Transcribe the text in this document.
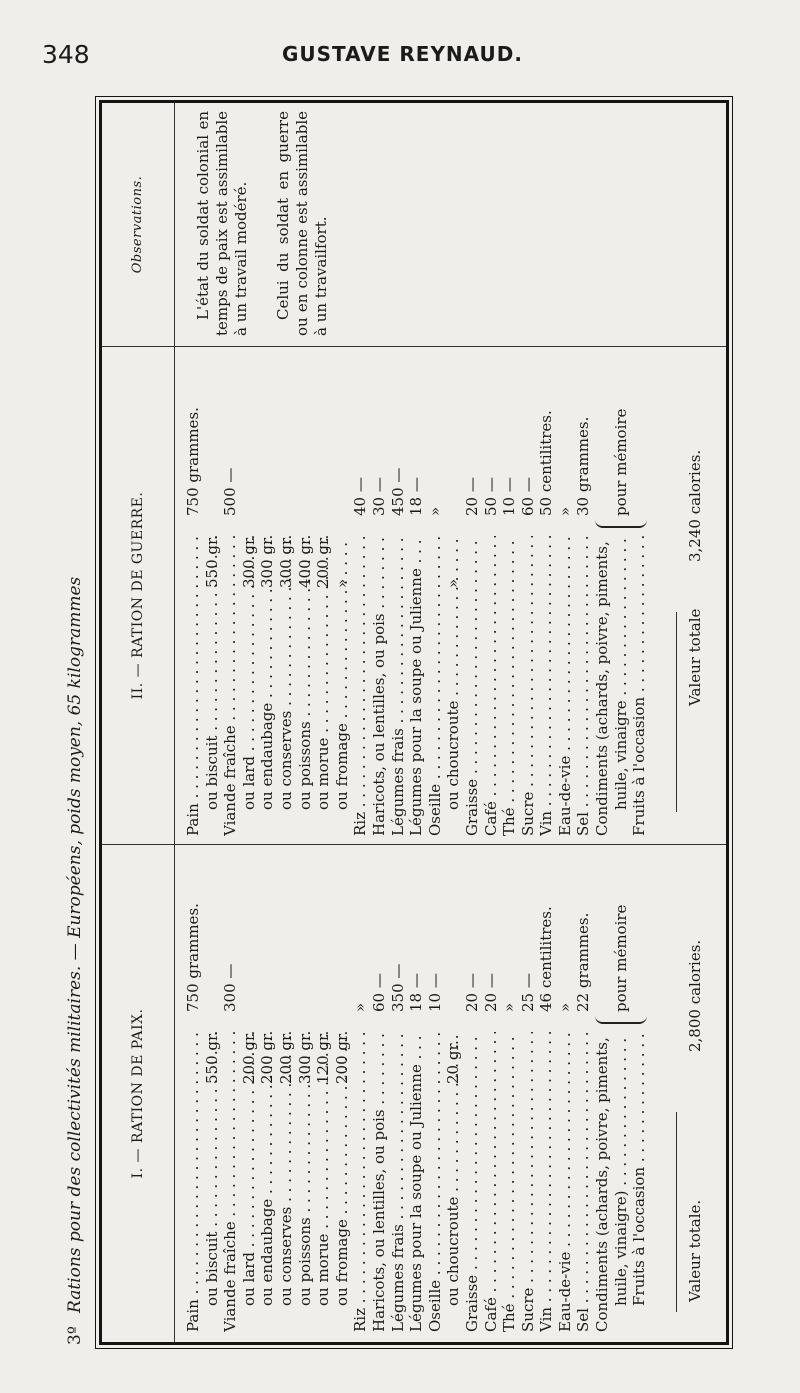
348	GUSTAVE REYNAUD.
3º
Rations pour des collectivités militaires. — Européens, poids moyen, 65 kilogrammes	I. — RATION DE PAIX.
II. — RATION DE GUERRE.
Observations.
Pain . . .
750 grammes.
ou biscuit . . .
550 gr.
Viande fraîche . . .
300 —
ou lard . . .
200 gr.
ou endaubage . . .
200 gr.
ou conserves . . .
200 gr.
ou poissons . . .
300 gr.
ou morue . . .
120 gr.
ou fromage . . .
200 gr.
Riz . . .
»
Haricots, ou lentilles, ou pois . . .
60 —
Légumes frais . . .
350 —
Légumes pour la soupe ou Julienne . . .
18 —
Oseille . . .
10 —
ou choucroute . . .
20 gr.
Graisse . . .
20 —
Café . . .
20 —
Thé . . .
»
Sucre . . .
25 —
Vin . . .
46 centilitres.
Eau-de-vie . . .
»
Sel . . .
22 grammes.
Condiments (achards, poivre, piments, huile, vinaigre) . . .
pour mémoire
Fruits à l'occasion . . .
Pain . . .
750 grammes.
ou biscuit . . .
550 gr.
Viande fraîche . . .
500 —
ou lard . . .
300 gr.
ou endaubage . . .
300 gr.
ou conserves . . .
300 gr.
ou poissons . . .
400 gr.
ou morue . . .
200 gr.
ou fromage . . .
»
Riz . . .
40 —
Haricots, ou lentilles, ou pois . . .
30 —
Légumes frais . . .
450 —
Légumes pour la soupe ou Julienne . . .
18 —
Oseille . . .
»
ou choucroute . . .
»
Graisse . . .
20 —
Café . . .
50 —
Thé . . .
10 —
Sucre . . .
60 —
Vin . . .
50 centilitres.
Eau-de-vie . . .
»
Sel . . .
30 grammes.
Condiments (achards, poivre, piments, huile, vinaigre . . .
pour mémoire
Fruits à l'occasion . . .
Valeur totale.
2,800 calories.
Valeur totale
3,240 calories.
L'état du soldat colonial en temps de paix est assimilable à un travail modéré. Celui du soldat en guerre ou en colonne est assimilable à un travailfort.
